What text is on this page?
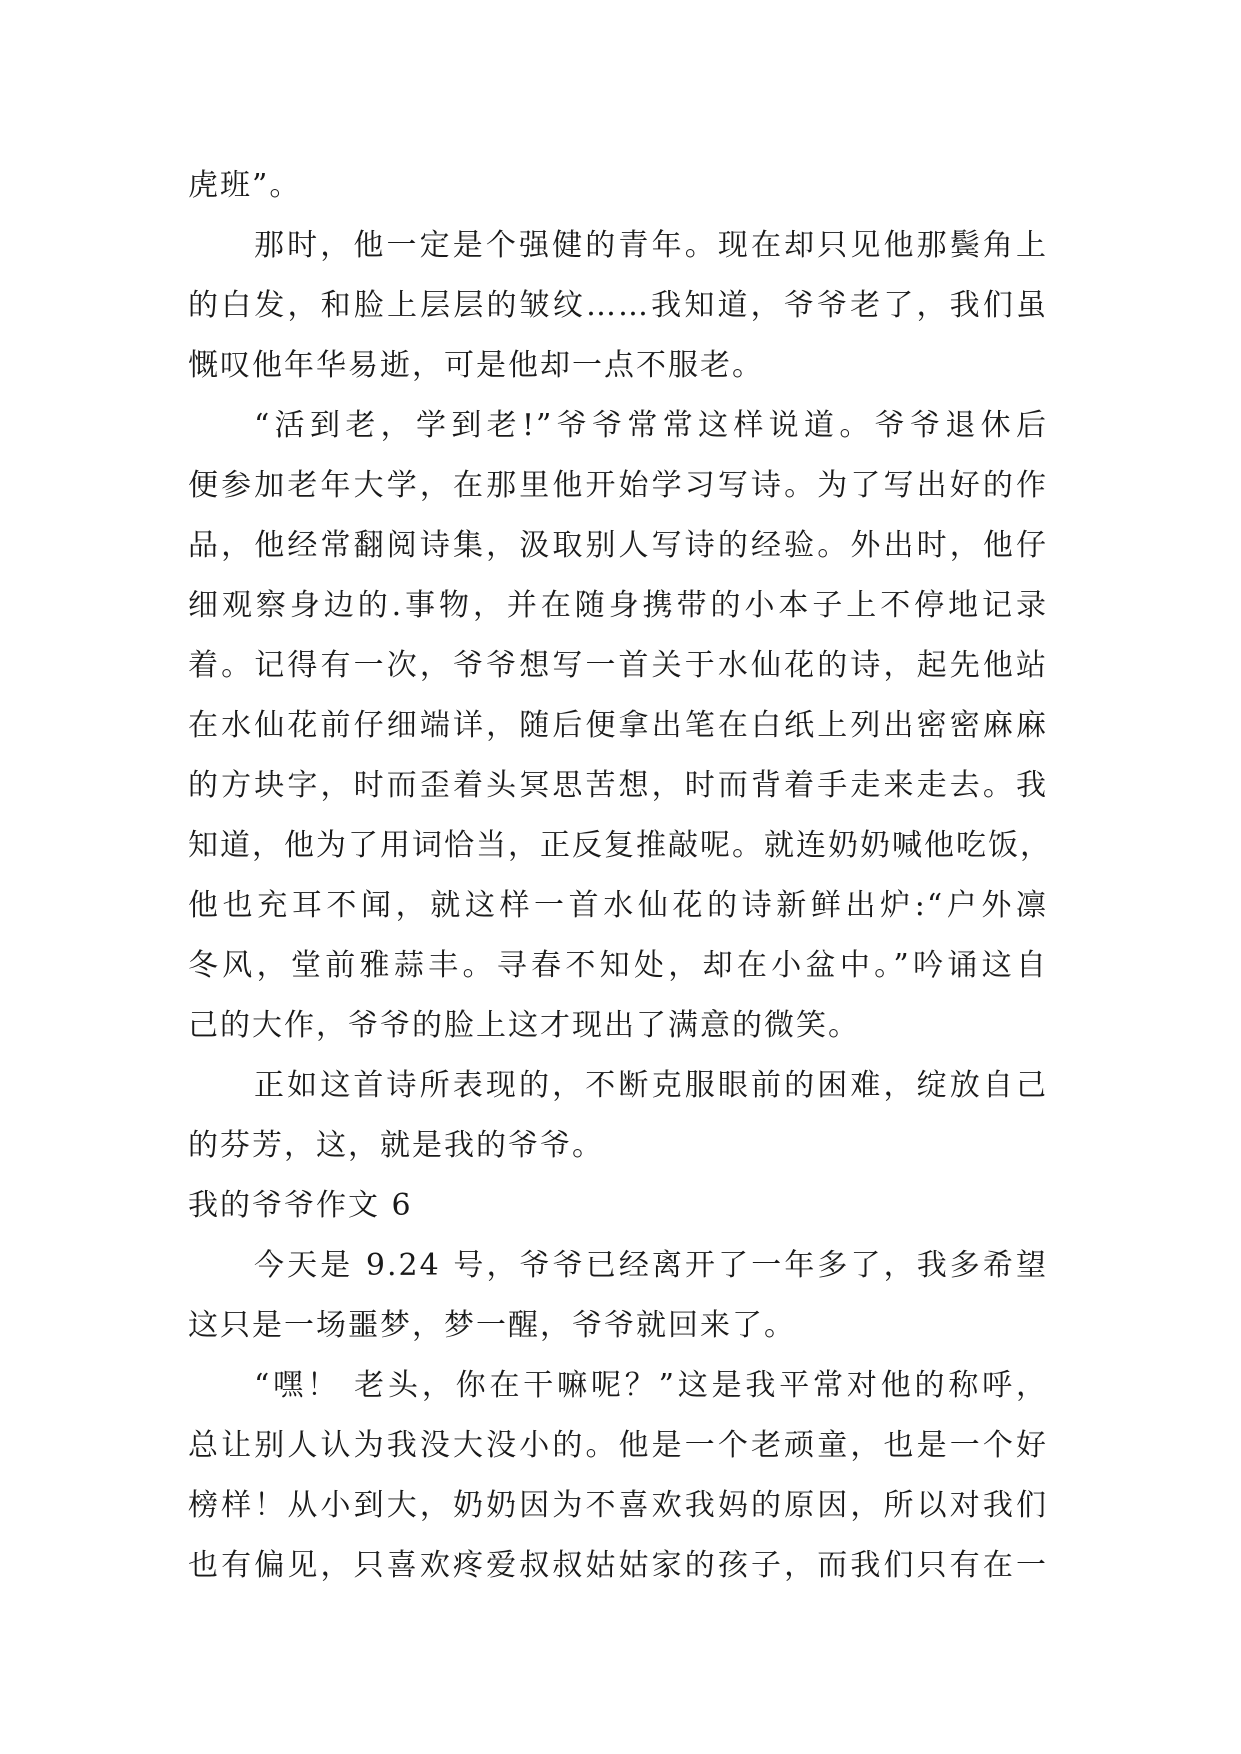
虎班”。
那时，他一定是个强健的青年。现在却只见他那鬓角上
的白发，和脸上层层的皱纹……我知道，爷爷老了，我们虽
慨叹他年华易逝，可是他却一点不服老。
“活到老，学到老!”爷爷常常这样说道。爷爷退休后
便参加老年大学，在那里他开始学习写诗。为了写出好的作
品，他经常翻阅诗集，汲取别人写诗的经验。外出时，他仔
细观察身边的.事物，并在随身携带的小本子上不停地记录
着。记得有一次，爷爷想写一首关于水仙花的诗，起先他站
在水仙花前仔细端详，随后便拿出笔在白纸上列出密密麻麻
的方块字，时而歪着头冥思苦想，时而背着手走来走去。我
知道，他为了用词恰当，正反复推敲呢。就连奶奶喊他吃饭，
他也充耳不闻，就这样一首水仙花的诗新鲜出炉:“户外凛
冬风，堂前雅蒜丰。寻春不知处，却在小盆中。”吟诵这自
己的大作，爷爷的脸上这才现出了满意的微笑。
正如这首诗所表现的，不断克服眼前的困难，绽放自己
的芬芳，这，就是我的爷爷。
我的爷爷作文 6
今天是 9.24 号，爷爷已经离开了一年多了，我多希望
这只是一场噩梦，梦一醒，爷爷就回来了。
“嘿！ 老头，你在干嘛呢？”这是我平常对他的称呼，
总让别人认为我没大没小的。他是一个老顽童，也是一个好
榜样！从小到大，奶奶因为不喜欢我妈的原因，所以对我们
也有偏见，只喜欢疼爱叔叔姑姑家的孩子，而我们只有在一
